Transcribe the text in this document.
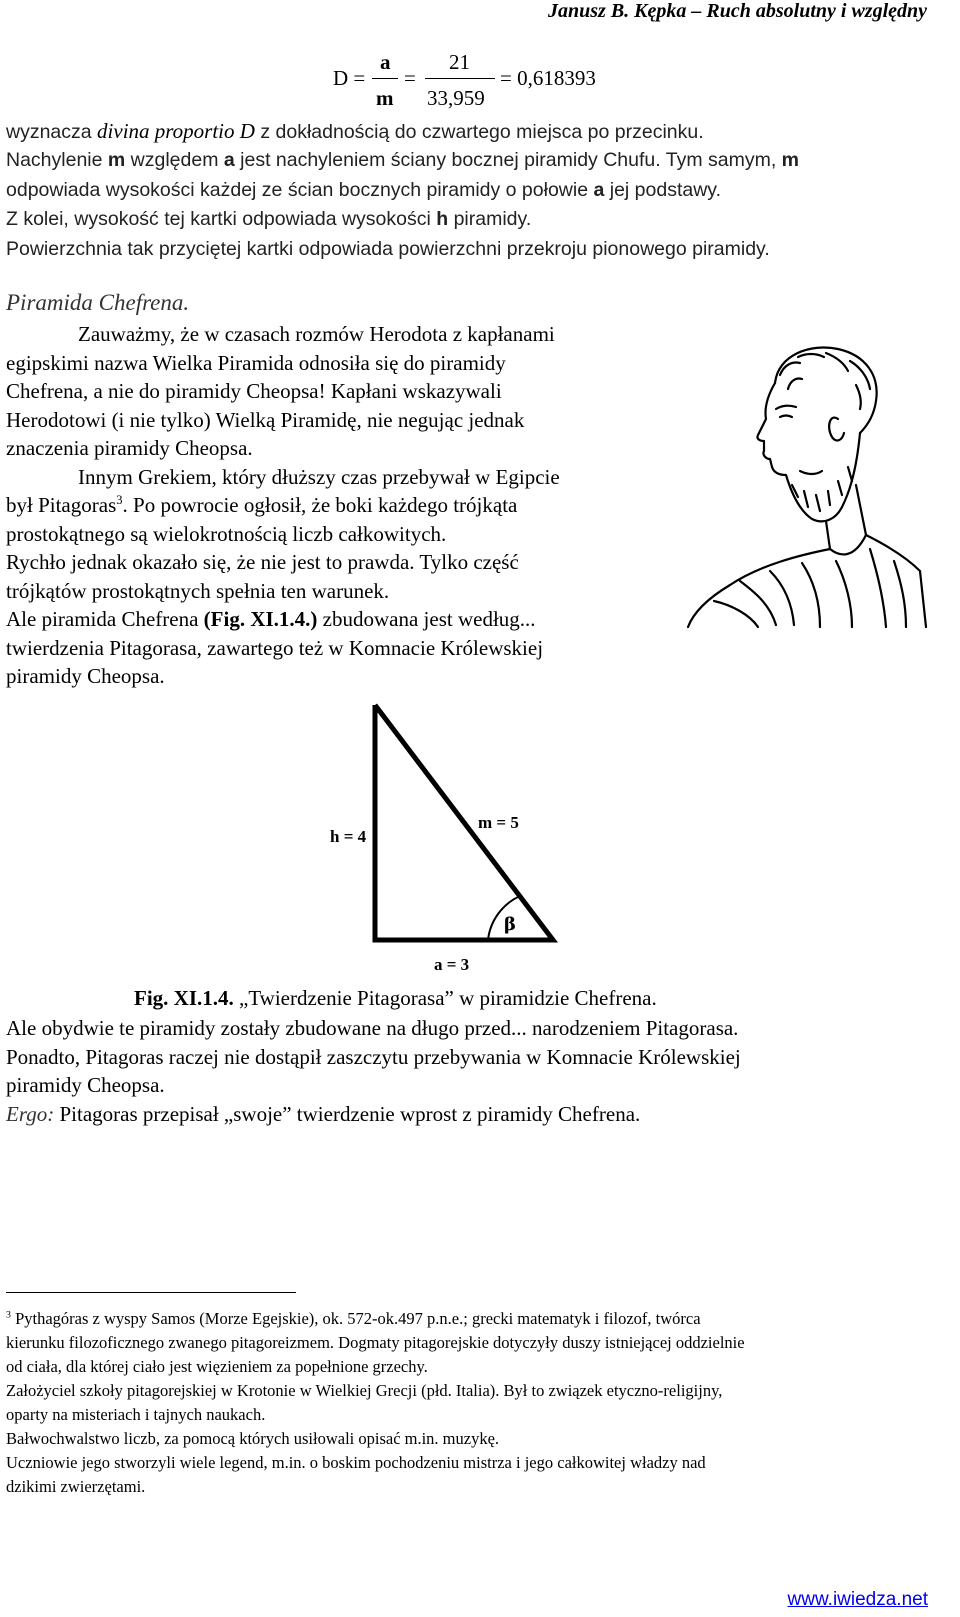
Janusz B. Kępka – Ruch absolutny i względny
D =
a
m
=
21
33,959
= 0,618393
wyznacza divina proportio D z dokładnością do czwartego miejsca po przecinku.

Nachylenie m względem a jest nachyleniem ściany bocznej piramidy Chufu. Tym samym, m

odpowiada wysokości każdej ze ścian bocznych piramidy o połowie a jej podstawy.

Z kolei, wysokość tej kartki odpowiada wysokości h piramidy.

Powierzchnia tak przyciętej kartki odpowiada powierzchni przekroju pionowego piramidy.

Piramida Chefrena.

Zauważmy, że w czasach rozmów Herodota z kapłanami

egipskimi nazwa Wielka Piramida odnosiła się do piramidy

Chefrena, a nie do piramidy Cheopsa! Kapłani wskazywali

Herodotowi (i nie tylko) Wielką Piramidę, nie negując jednak

znaczenia piramidy Cheopsa.

Innym Grekiem, który dłuższy czas przebywał w Egipcie

był Pitagoras$^3$. Po powrocie ogłosił, że boki każdego trójkąta

prostokątnego są wielokrotnością liczb całkowitych.

Rychło jednak okazało się, że nie jest to prawda. Tylko część

trójkątów prostokątnych spełnia ten warunek.

Ale piramida Chefrena (Fig. XI.1.4.) zbudowana jest według...

twierdzenia Pitagorasa, zawartego też w Komnacie Królewskiej

piramidy Cheopsa.

h = 4
m = 5
a = 3
β
Fig. XI.1.4. „Twierdzenie Pitagorasa” w piramidzie Chefrena.

Ale obydwie te piramidy zostały zbudowane na długo przed... narodzeniem Pitagorasa.

Ponadto, Pitagoras raczej nie dostąpił zaszczytu przebywania w Komnacie Królewskiej

piramidy Cheopsa.

Ergo: Pitagoras przepisał „swoje” twierdzenie wprost z piramidy Chefrena.

$^3$ Pythagóras z wyspy Samos (Morze Egejskie), ok. 572-ok.497 p.n.e.; grecki matematyk i filozof, twórca

kierunku filozoficznego zwanego pitagoreizmem. Dogmaty pitagorejskie dotyczyły duszy istniejącej oddzielnie

od ciała, dla której ciało jest więzieniem za popełnione grzechy.

Założyciel szkoły pitagorejskiej w Krotonie w Wielkiej Grecji (płd. Italia). Był to związek etyczno-religijny,

oparty na misteriach i tajnych naukach.

Bałwochwalstwo liczb, za pomocą których usiłowali opisać m.in. muzykę.

Uczniowie jego stworzyli wiele legend, m.in. o boskim pochodzeniu mistrza i jego całkowitej władzy nad

dzikimi zwierzętami.

www.iwiedza.net
